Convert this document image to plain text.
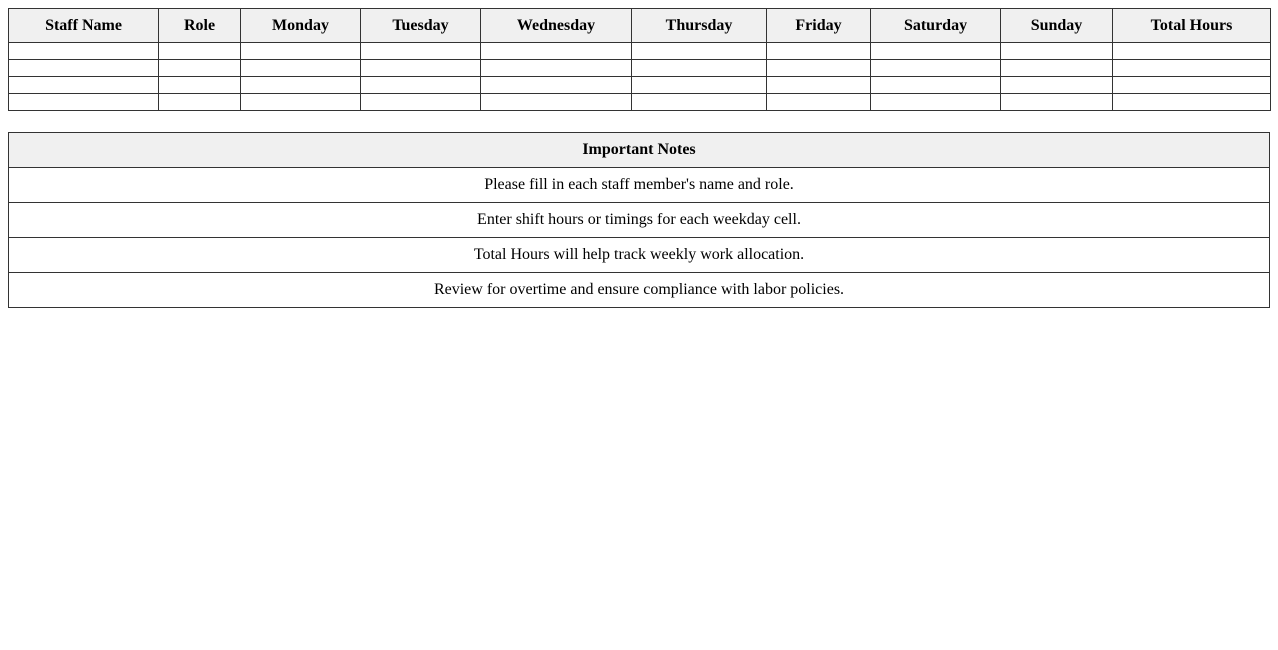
Staff Name	Role	Monday	Tuesday	Wednesday	Thursday	Friday	Saturday	Sunday	Total Hours

Important Notes
Please fill in each staff member's name and role.
Enter shift hours or timings for each weekday cell.
Total Hours will help track weekly work allocation.
Review for overtime and ensure compliance with labor policies.
